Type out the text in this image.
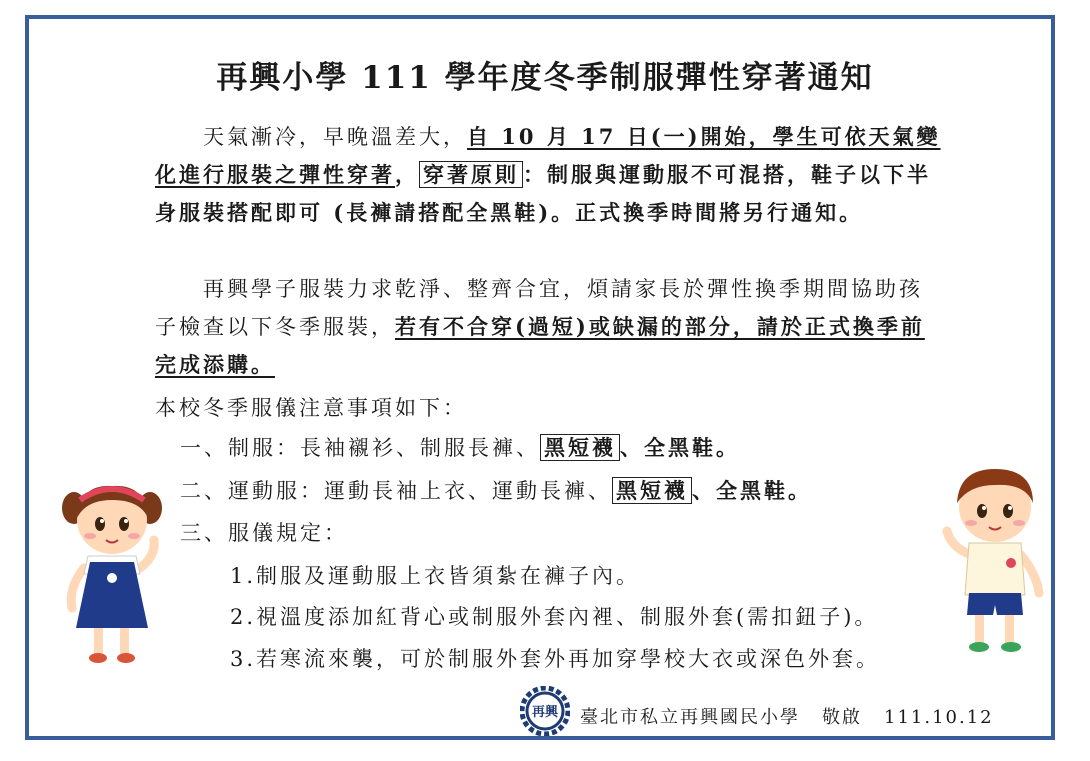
再興小學 111 學年度冬季制服彈性穿著通知
天氣漸冷，早晚溫差大，自 10 月 17 日(一)開始，學生可依天氣變化進行服裝之彈性穿著， 穿著原則 ：制服與運動服不可混搭，鞋子以下半身服裝搭配即可 (長褲請搭配全黑鞋)。正式換季時間將另行通知。
再興學子服裝力求乾淨、整齊合宜，煩請家長於彈性換季期間協助孩子檢查以下冬季服裝，若有不合穿(過短)或缺漏的部分，請於正式換季前完成添購。
本校冬季服儀注意事項如下：
一、制服：長袖襯衫、制服長褲、 黑短襪 、全黑鞋。
二、運動服：運動長袖上衣、運動長褲、 黑短襪 、全黑鞋。
三、服儀規定：
1.制服及運動服上衣皆須紮在褲子內。
2.視溫度添加紅背心或制服外套內裡、制服外套(需扣鈕子)。
3.若寒流來襲，可於制服外套外再加穿學校大衣或深色外套。
再興	臺北市私立再興國民小學 敬啟 111.10.12
